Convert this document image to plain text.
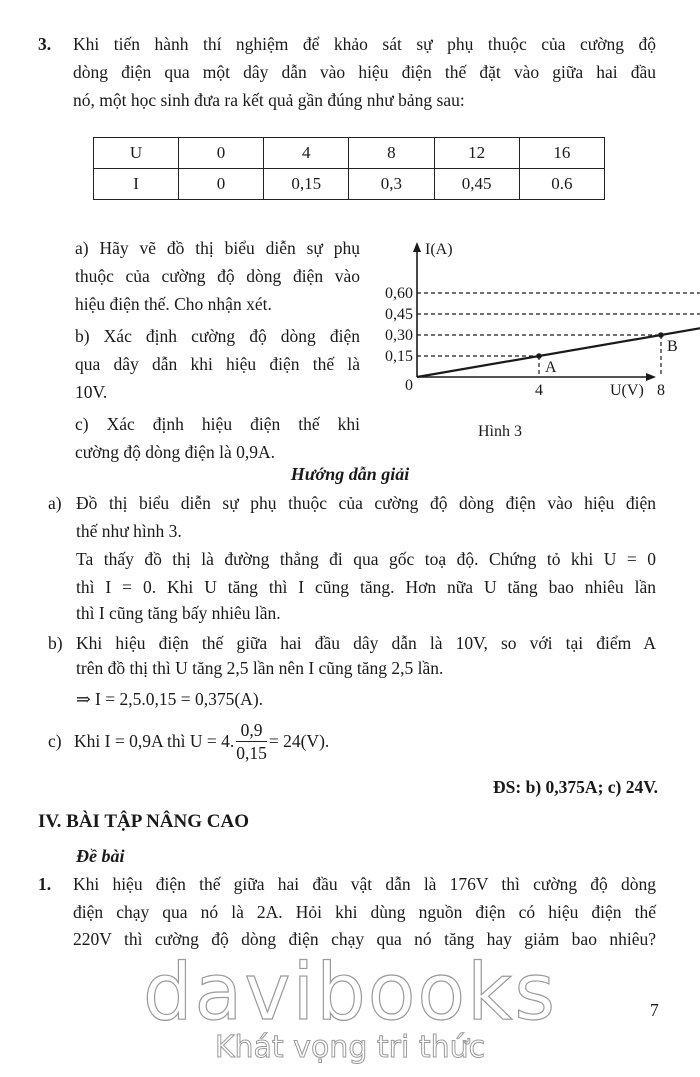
3. Khi tiến hành thí nghiệm để khảo sát sự phụ thuộc của cường độ
dòng điện qua một dây dẫn vào hiệu điện thế đặt vào giữa hai đầu
nó, một học sinh đưa ra kết quả gần đúng như bảng sau:
U	0	4	8	12	16
I	0	0,15	0,3	0,45	0.6
a) Hãy vẽ đồ thị biểu diễn sự phụ
thuộc của cường độ dòng điện vào
hiệu điện thế. Cho nhận xét.
b) Xác định cường độ dòng điện
qua dây dẫn khi hiệu điện thế là
10V.
c) Xác định hiệu điện thế khi
cường độ dòng điện là 0,9A.
I(A)
U(V)
0	4
0,15
8
0,30
0,45
0,60
A
B
Hình 3
Hướng dẫn giải
a) Đồ thị biểu diễn sự phụ thuộc của cường độ dòng điện vào hiệu điện
thế như hình 3.
Ta thấy đồ thị là đường thẳng đi qua gốc toạ độ. Chứng tỏ khi U = 0
thì I = 0. Khi U tăng thì I cũng tăng. Hơn nữa U tăng bao nhiêu lần
thì I cũng tăng bấy nhiêu lần.
b) Khi hiệu điện thế giữa hai đầu dây dẫn là 10V, so với tại điểm A
trên đồ thị thì U tăng 2,5 lần nên I cũng tăng 2,5 lần.
⇒ I = 2,5.0,15 = 0,375(A).
c) Khi I = 0,9A thì U = 4. $\frac{0,9}{0,15} = 24(V)$.
ĐS: b) 0,375A; c) 24V.
IV. BÀI TẬP NÂNG CAO
Đề bài
1. Khi hiệu điện thế giữa hai đầu vật dẫn là 176V thì cường độ dòng
điện chạy qua nó là 2A. Hỏi khi dùng nguồn điện có hiệu điện thế
220V thì cường độ dòng điện chạy qua nó tăng hay giảm bao nhiêu?
7
davibooks
Khát vọng tri thức
